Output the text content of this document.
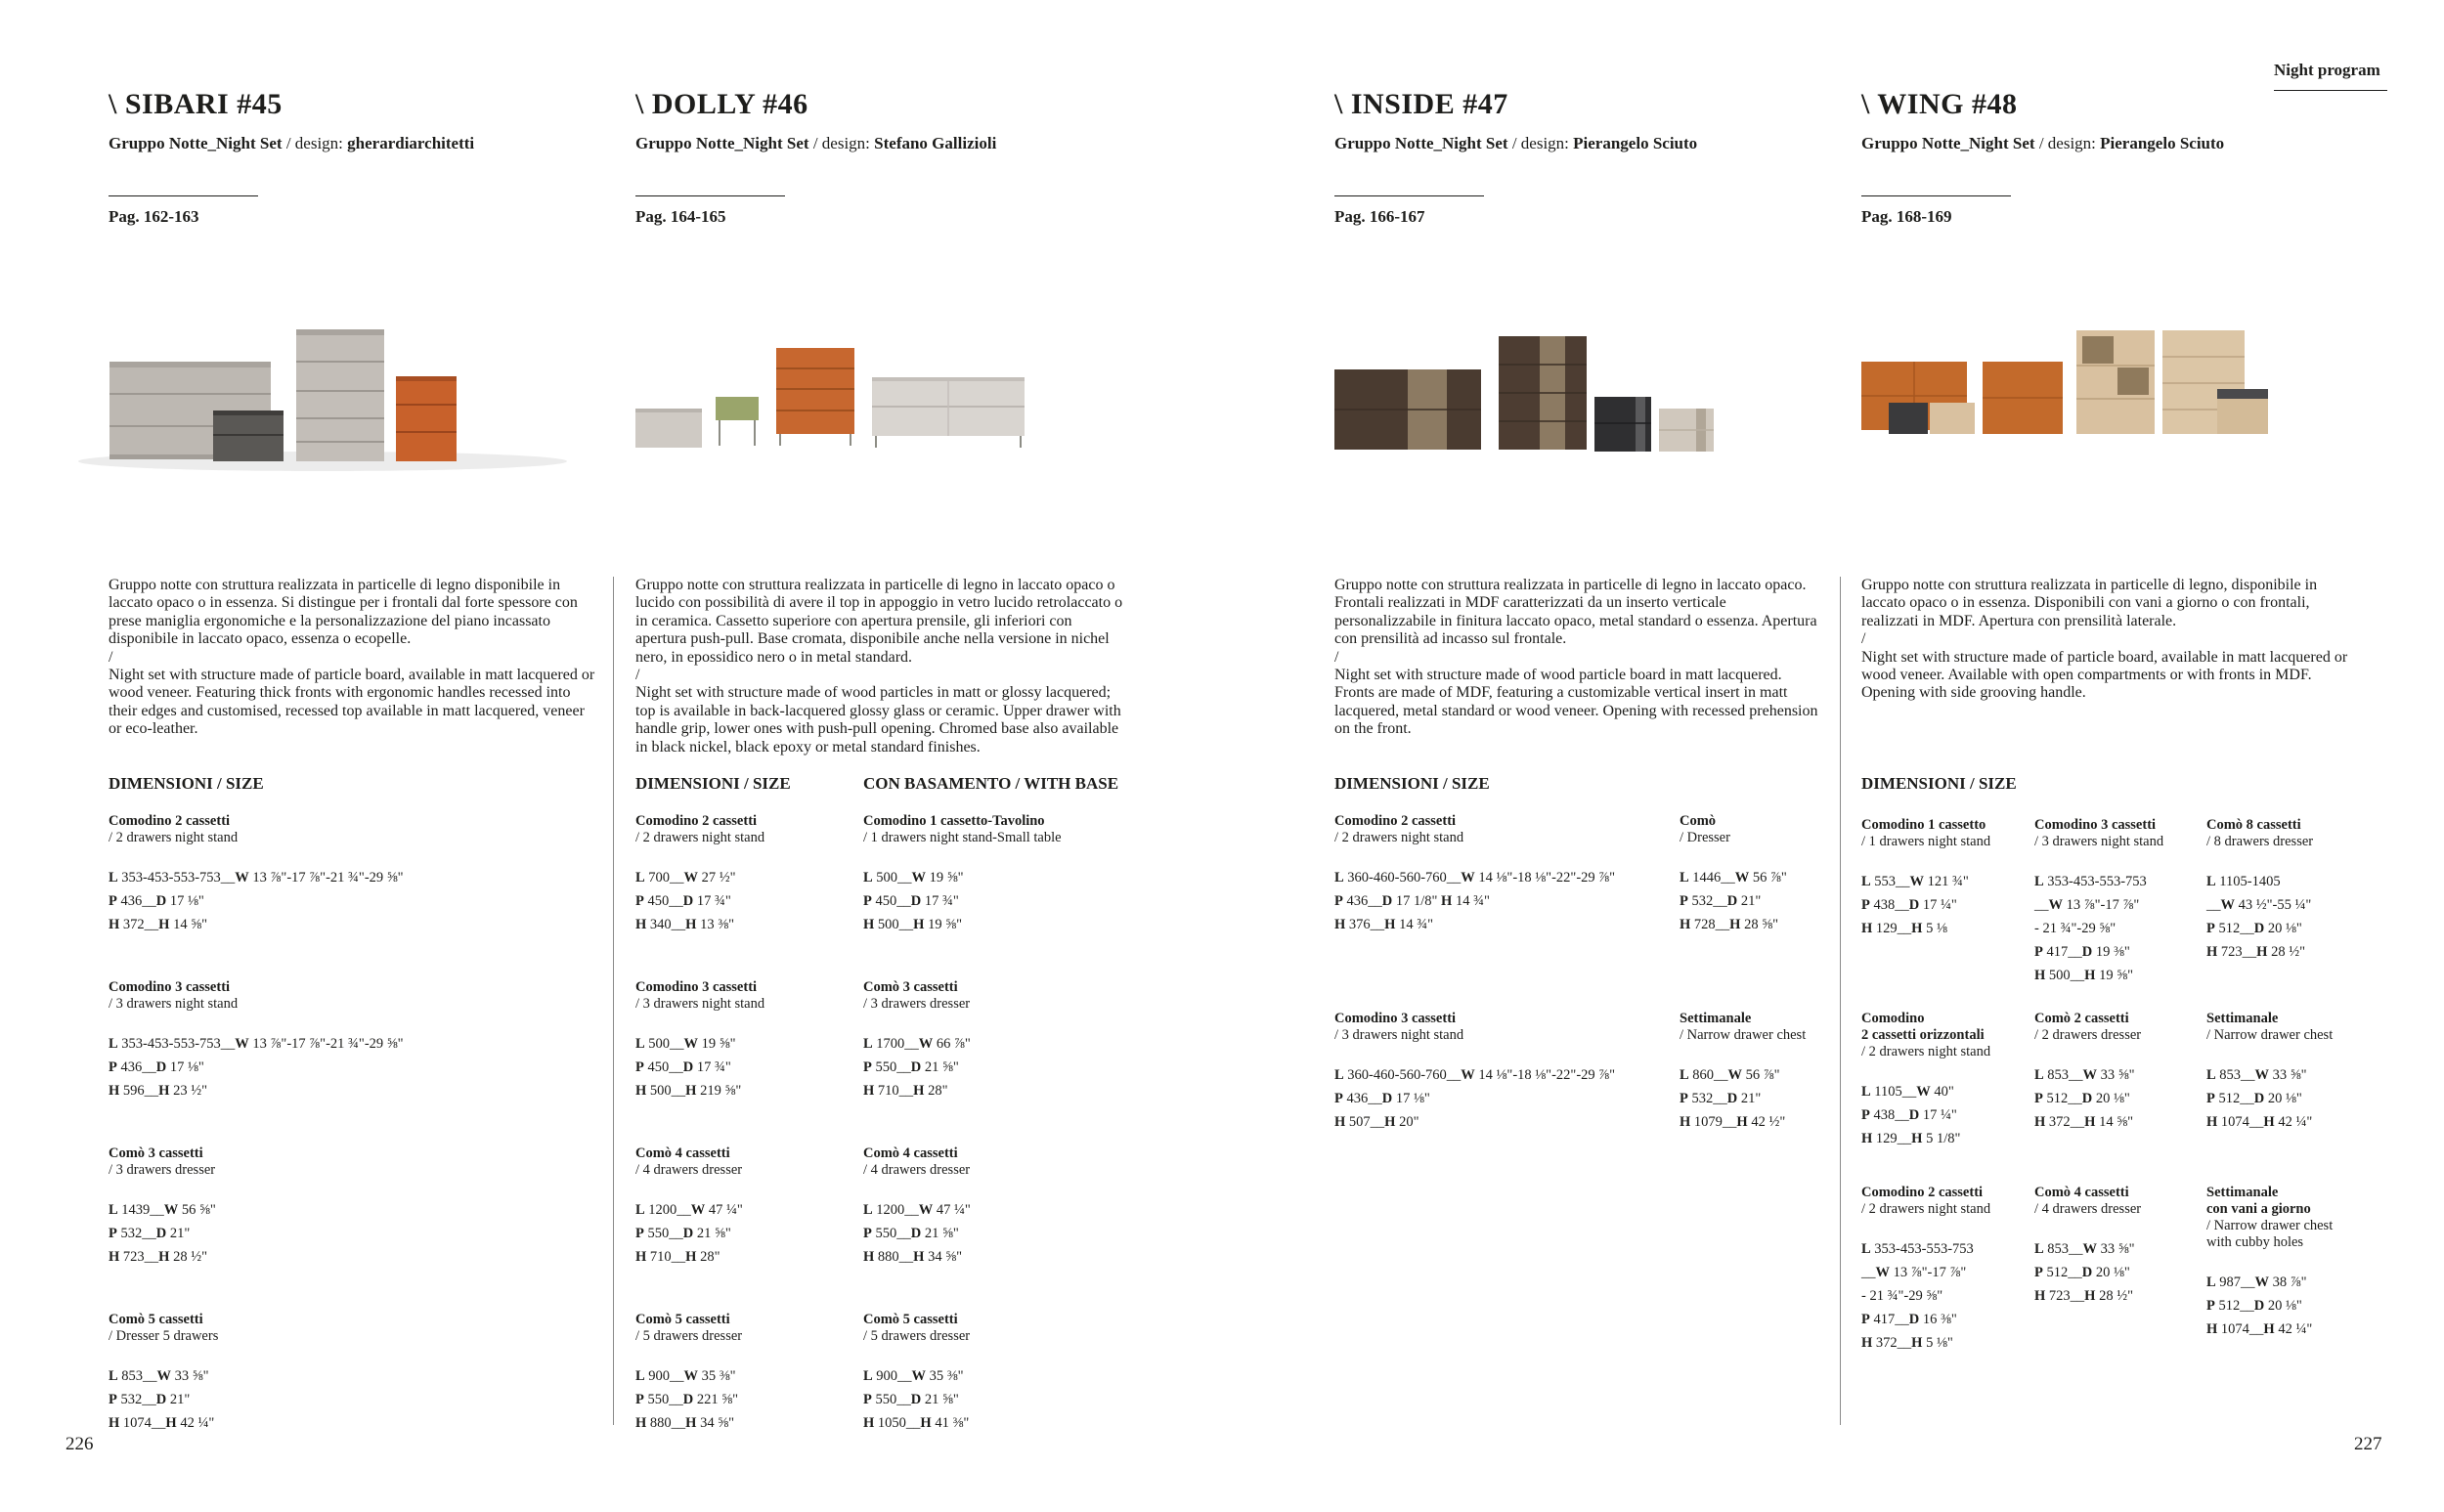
Night program
226	227
\ SIBARI #45
Gruppo Notte_Night Set / design: gherardiarchitetti
Pag. 162-163

Gruppo notte con struttura realizzata in particelle di legno disponibile in laccato opaco o in essenza. Si distingue per i frontali dal forte spessore con prese maniglia ergonomiche e la personalizzazione del piano incassato disponibile in laccato opaco, essenza o ecopelle.

/

Night set with structure made of particle board, available in matt lacquered or wood veneer. Featuring thick fronts with ergonomic handles recessed into their edges and customised, recessed top available in matt lacquered, veneer or eco-leather.

DIMENSIONI / SIZE
Comodino 2 cassetti
/ 2 drawers night stand
L 353-453-553-753__W 13 ⅞"-17 ⅞"-21 ¾"-29 ⅝"
P 436__D 17 ⅛"
H 372__H 14 ⅝"
Comodino 3 cassetti
/ 3 drawers night stand
L 353-453-553-753__W 13 ⅞"-17 ⅞"-21 ¾"-29 ⅝"
P 436__D 17 ⅛"
H 596__H 23 ½"
Comò 3 cassetti
/ 3 drawers dresser
L 1439__W 56 ⅝"
P 532__D 21"
H 723__H 28 ½"
Comò 5 cassetti
/ Dresser 5 drawers
L 853__W 33 ⅝"
P 532__D 21"
H 1074__H 42 ¼"
\ DOLLY #46
Gruppo Notte_Night Set / design: Stefano Gallizioli
Pag. 164-165

Gruppo notte con struttura realizzata in particelle di legno in laccato opaco o lucido con possibilità di avere il top in appoggio in vetro lucido retrolaccato o in ceramica. Cassetto superiore con apertura prensile, gli inferiori con apertura push-pull. Base cromata, disponibile anche nella versione in nichel nero, in epossidico nero o in metal standard.

/

Night set with structure made of wood particles in matt or glossy lacquered; top is available in back-lacquered glossy glass or ceramic. Upper drawer with handle grip, lower ones with push-pull opening. Chromed base also available in black nickel, black epoxy or metal standard finishes.

DIMENSIONI / SIZE	CON BASAMENTO / WITH BASE
Comodino 2 cassetti
/ 2 drawers night stand
L 700__W 27 ½"
P 450__D 17 ¾"
H 340__H 13 ⅜"
Comodino 3 cassetti
/ 3 drawers night stand
L 500__W 19 ⅝"
P 450__D 17 ¾"
H 500__H 219 ⅝"
Comò 4 cassetti
/ 4 drawers dresser
L 1200__W 47 ¼"
P 550__D 21 ⅝"
H 710__H 28"
Comò 5 cassetti
/ 5 drawers dresser
L 900__W 35 ⅜"
P 550__D 221 ⅝"
H 880__H 34 ⅝"
Comodino 1 cassetto-Tavolino
/ 1 drawers night stand-Small table
L 500__W 19 ⅝"
P 450__D 17 ¾"
H 500__H 19 ⅝"
Comò 3 cassetti
/ 3 drawers dresser
L 1700__W 66 ⅞"
P 550__D 21 ⅝"
H 710__H 28"
Comò 4 cassetti
/ 4 drawers dresser
L 1200__W 47 ¼"
P 550__D 21 ⅝"
H 880__H 34 ⅝"
Comò 5 cassetti
/ 5 drawers dresser
L 900__W 35 ⅜"
P 550__D 21 ⅝"
H 1050__H 41 ⅜"
\ INSIDE #47
Gruppo Notte_Night Set / design: Pierangelo Sciuto
Pag. 166-167

Gruppo notte con struttura realizzata in particelle di legno in laccato opaco. Frontali realizzati in MDF caratterizzati da un inserto verticale personalizzabile in finitura laccato opaco, metal standard o essenza. Apertura con prensilità ad incasso sul frontale.

/

Night set with structure made of wood particle board in matt lacquered. Fronts are made of MDF, featuring a customizable vertical insert in matt lacquered, metal standard or wood veneer. Opening with recessed prehension on the front.

DIMENSIONI / SIZE
Comodino 2 cassetti
/ 2 drawers night stand
L 360-460-560-760__W 14 ⅛"-18 ⅛"-22"-29 ⅞"
P 436__D 17 1/8" H 14 ¾"
H 376__H 14 ¾"
Comodino 3 cassetti
/ 3 drawers night stand
L 360-460-560-760__W 14 ⅛"-18 ⅛"-22"-29 ⅞"
P 436__D 17 ⅛"
H 507__H 20"
Comò
/ Dresser
L 1446__W 56 ⅞"
P 532__D 21"
H 728__H 28 ⅝"
Settimanale
/ Narrow drawer chest
L 860__W 56 ⅞"
P 532__D 21"
H 1079__H 42 ½"
\ WING #48
Gruppo Notte_Night Set / design: Pierangelo Sciuto
Pag. 168-169

Gruppo notte con struttura realizzata in particelle di legno, disponibile in laccato opaco o in essenza. Disponibili con vani a giorno o con frontali, realizzati in MDF. Apertura con prensilità laterale.

/

Night set with structure made of particle board, available in matt lacquered or wood veneer. Available with open compartments or with fronts in MDF. Opening with side grooving handle.

DIMENSIONI / SIZE
Comodino 1 cassetto
/ 1 drawers night stand
L 553__W 121 ¾"
P 438__D 17 ¼"
H 129__H 5 ⅛
Comodino
2 cassetti orizzontali
/ 2 drawers night stand
L 1105__W 40"
P 438__D 17 ¼"
H 129__H 5 1/8"
Comodino 2 cassetti
/ 2 drawers night stand
L 353-453-553-753
__W 13 ⅞"-17 ⅞"
- 21 ¾"-29 ⅝"
P 417__D 16 ⅜"
H 372__H 5 ⅛"
Comodino 3 cassetti
/ 3 drawers night stand
L 353-453-553-753
__W 13 ⅞"-17 ⅞"
- 21 ¾"-29 ⅝"
P 417__D 19 ⅜"
H 500__H 19 ⅝"
Comò 2 cassetti
/ 2 drawers dresser
L 853__W 33 ⅝"
P 512__D 20 ⅛"
H 372__H 14 ⅝"
Comò 4 cassetti
/ 4 drawers dresser
L 853__W 33 ⅝"
P 512__D 20 ⅛"
H 723__H 28 ½"
Comò 8 cassetti
/ 8 drawers dresser
L 1105-1405
__W 43 ½"-55 ¼"
P 512__D 20 ⅛"
H 723__H 28 ½"
Settimanale
/ Narrow drawer chest
L 853__W 33 ⅝"
P 512__D 20 ⅛"
H 1074__H 42 ¼"
Settimanale
con vani a giorno
/ Narrow drawer chest
with cubby holes
L 987__W 38 ⅞"
P 512__D 20 ⅛"
H 1074__H 42 ¼"
